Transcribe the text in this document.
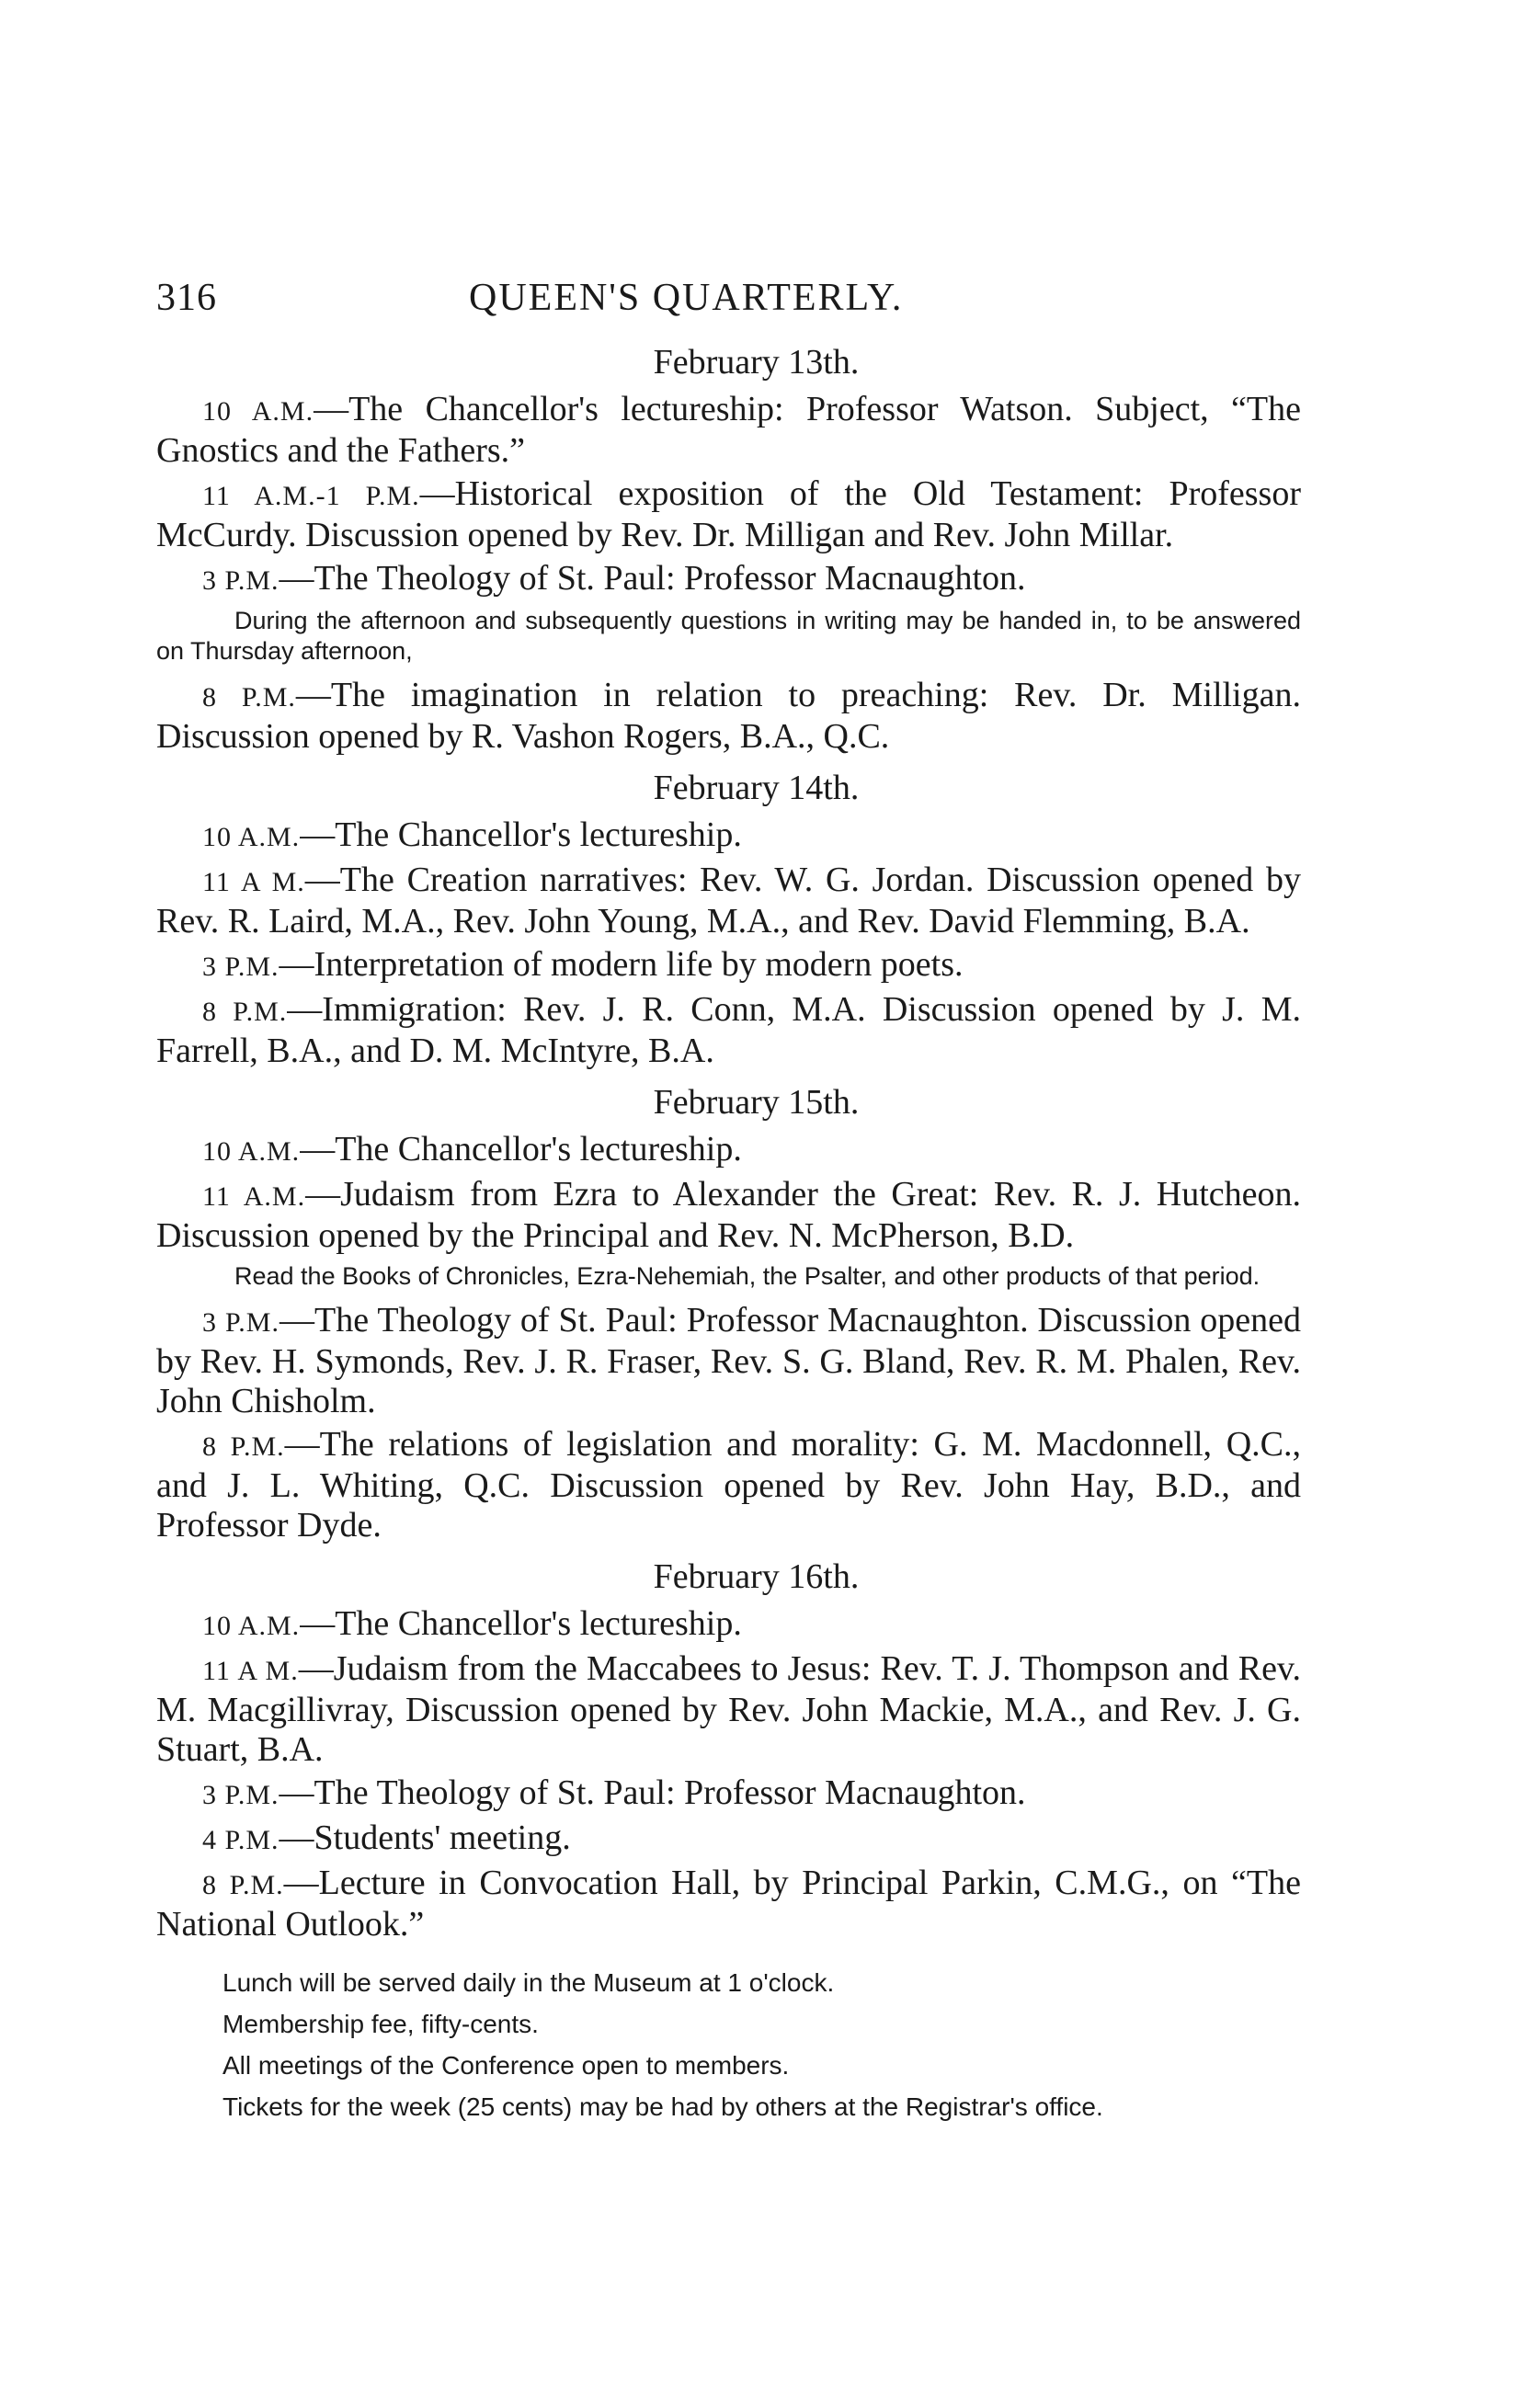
316	QUEEN'S QUARTERLY.
February 13th.

10 A.M.—The Chancellor's lectureship: Professor Watson. Subject, “The Gnostics and the Fathers.”

11 A.M.-1 P.M.—Historical exposition of the Old Testament: Professor McCurdy. Discussion opened by Rev. Dr. Milligan and Rev. John Millar.

3 P.M.—The Theology of St. Paul: Professor Macnaughton.

During the afternoon and subsequently questions in writing may be handed in, to be answered on Thursday afternoon,

8 P.M.—The imagination in relation to preaching: Rev. Dr. Milligan. Discussion opened by R. Vashon Rogers, B.A., Q.C.

February 14th.

10 A.M.—The Chancellor's lectureship.

11 A M.—The Creation narratives: Rev. W. G. Jordan. Discussion opened by Rev. R. Laird, M.A., Rev. John Young, M.A., and Rev. David Flemming, B.A.

3 P.M.—Interpretation of modern life by modern poets.

8 P.M.—Immigration: Rev. J. R. Conn, M.A. Discussion opened by J. M. Farrell, B.A., and D. M. McIntyre, B.A.

February 15th.

10 A.M.—The Chancellor's lectureship.

11 A.M.—Judaism from Ezra to Alexander the Great: Rev. R. J. Hutcheon. Discussion opened by the Principal and Rev. N. McPherson, B.D.

Read the Books of Chronicles, Ezra-Nehemiah, the Psalter, and other products of that period.

3 P.M.—The Theology of St. Paul: Professor Macnaughton. Discussion opened by Rev. H. Symonds, Rev. J. R. Fraser, Rev. S. G. Bland, Rev. R. M. Phalen, Rev. John Chisholm.

8 P.M.—The relations of legislation and morality: G. M. Macdonnell, Q.C., and J. L. Whiting, Q.C. Discussion opened by Rev. John Hay, B.D., and Professor Dyde.

February 16th.

10 A.M.—The Chancellor's lectureship.

11 A M.—Judaism from the Maccabees to Jesus: Rev. T. J. Thompson and Rev. M. Macgillivray, Discussion opened by Rev. John Mackie, M.A., and Rev. J. G. Stuart, B.A.

3 P.M.—The Theology of St. Paul: Professor Macnaughton.

4 P.M.—Students' meeting.

8 P.M.—Lecture in Convocation Hall, by Principal Parkin, C.M.G., on “The National Outlook.”

Lunch will be served daily in the Museum at 1 o'clock.

Membership fee, fifty-cents.

All meetings of the Conference open to members.

Tickets for the week (25 cents) may be had by others at the Registrar's office.
